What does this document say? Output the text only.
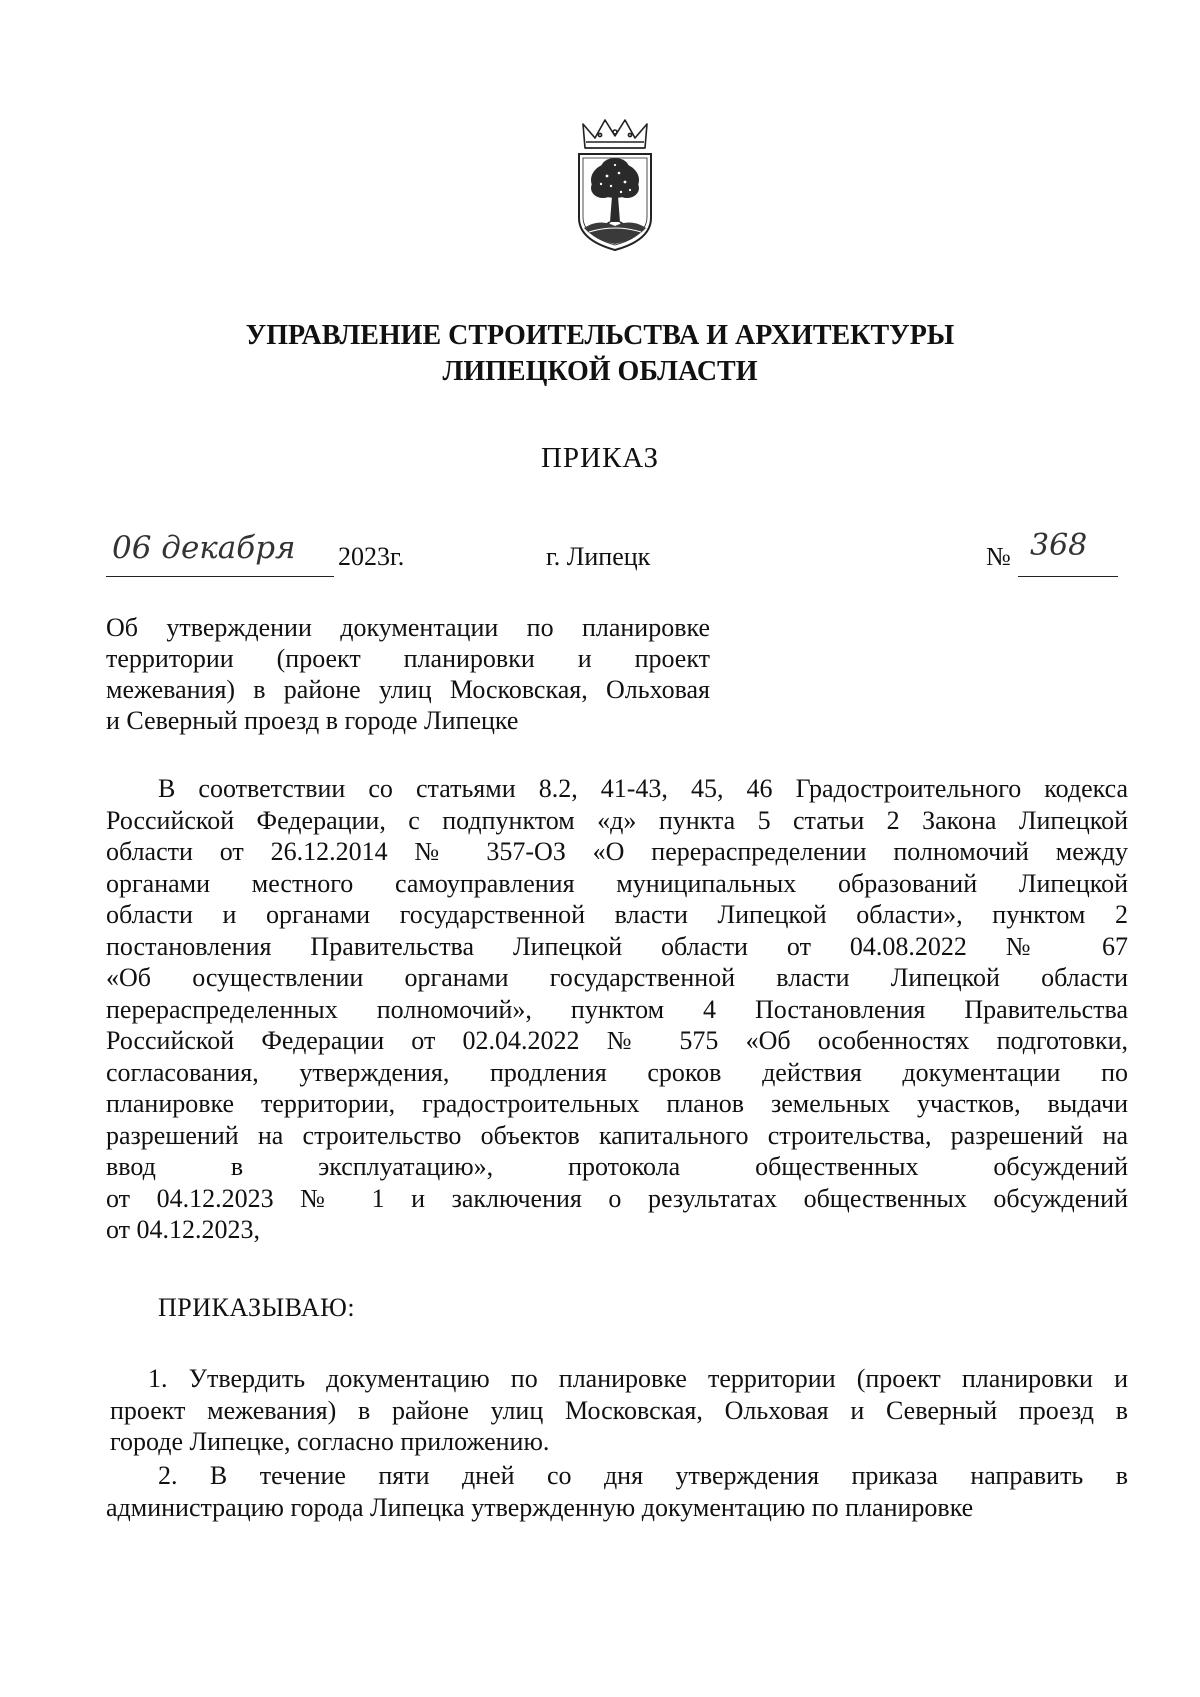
УПРАВЛЕНИЕ СТРОИТЕЛЬСТВА И АРХИТЕКТУРЫ
ЛИПЕЦКОЙ ОБЛАСТИ
ПРИКАЗ
06 декабря 2023г.	г. Липецк	№ 368
Об утверждении документации по планировке
территории (проект планировки и проект
межевания) в районе улиц Московская, Ольховая
и Северный проезд в городе Липецке
В соответствии со статьями 8.2, 41-43, 45, 46 Градостроительного кодекса
Российской Федерации, с подпунктом «д» пункта 5 статьи 2 Закона Липецкой
области от 26.12.2014 № 357-ОЗ «О перераспределении полномочий между
органами местного самоуправления муниципальных образований Липецкой
области и органами государственной власти Липецкой области», пунктом 2
постановления Правительства Липецкой области от 04.08.2022 № 67
«Об осуществлении органами государственной власти Липецкой области
перераспределенных полномочий», пунктом 4 Постановления Правительства
Российской Федерации от 02.04.2022 № 575 «Об особенностях подготовки,
согласования, утверждения, продления сроков действия документации по
планировке территории, градостроительных планов земельных участков, выдачи
разрешений на строительство объектов капитального строительства, разрешений на
ввод в эксплуатацию», протокола общественных обсуждений
от 04.12.2023 № 1 и заключения о результатах общественных обсуждений
от 04.12.2023,
ПРИКАЗЫВАЮ:
1. Утвердить документацию по планировке территории (проект планировки и
проект межевания) в районе улиц Московская, Ольховая и Северный проезд в
городе Липецке, согласно приложению.
2. В течение пяти дней со дня утверждения приказа направить в
администрацию города Липецка утвержденную документацию по планировке
